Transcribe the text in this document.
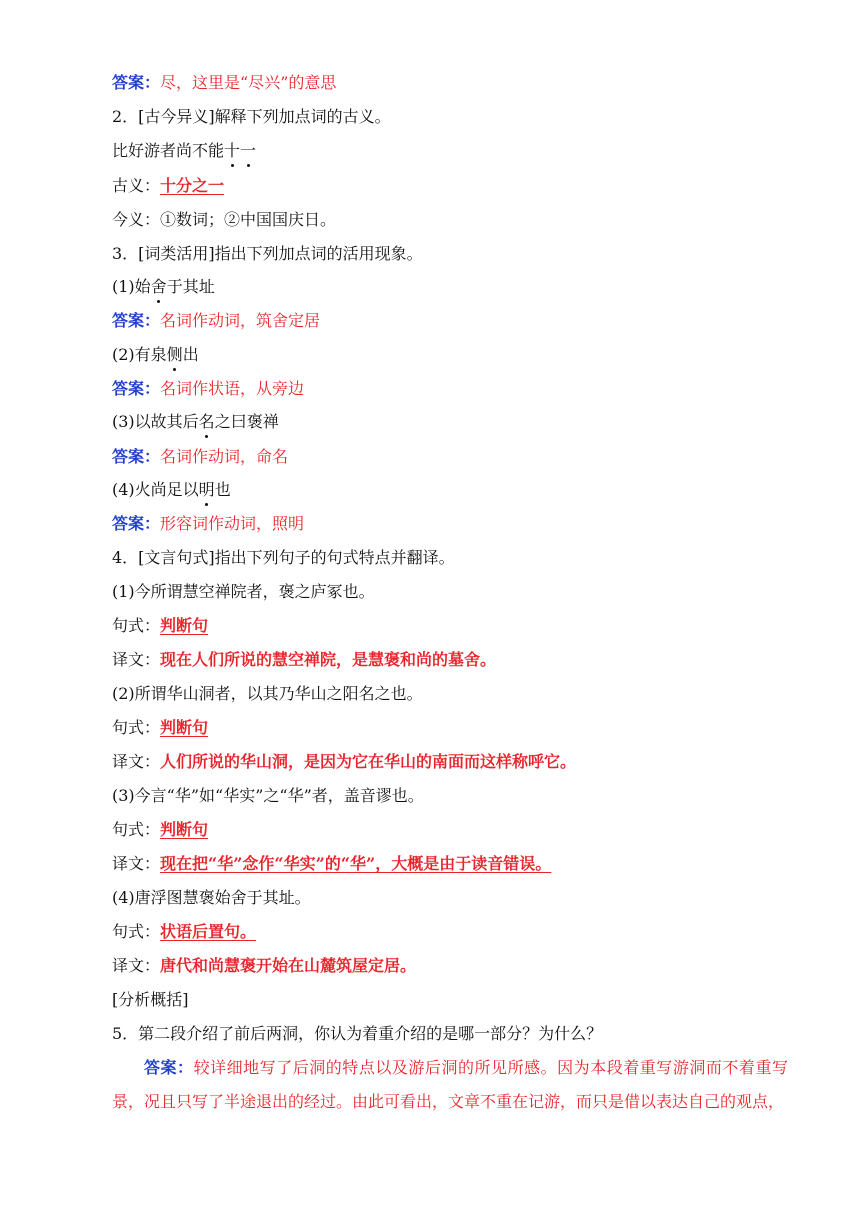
答案：尽，这里是“尽兴”的意思
2．[古今异义]解释下列加点词的古义。
比好游者尚不能十一
古义：十分之一
今义：①数词；②中国国庆日。
3．[词类活用]指出下列加点词的活用现象。
(1)始舍于其址
答案：名词作动词，筑舍定居
(2)有泉侧出
答案：名词作状语，从旁边
(3)以故其后名之曰褒禅
答案：名词作动词，命名
(4)火尚足以明也
答案：形容词作动词，照明
4．[文言句式]指出下列句子的句式特点并翻译。
(1)今所谓慧空禅院者，褒之庐冢也。
句式：判断句
译文：现在人们所说的慧空禅院，是慧褒和尚的墓舍。
(2)所谓华山洞者，以其乃华山之阳名之也。
句式：判断句
译文：人们所说的华山洞，是因为它在华山的南面而这样称呼它。
(3)今言“华”如“华实”之“华”者，盖音谬也。
句式：判断句
译文：现在把“华”念作“华实”的“华”，大概是由于读音错误。
(4)唐浮图慧褒始舍于其址。
句式：状语后置句。
译文：唐代和尚慧褒开始在山麓筑屋定居。
[分析概括]
5．第二段介绍了前后两洞，你认为着重介绍的是哪一部分？为什么？
答案：较详细地写了后洞的特点以及游后洞的所见所感。因为本段着重写游洞而不着重写景，况且只写了半途退出的经过。由此可看出，文章不重在记游，而只是借以表达自己的观点，
